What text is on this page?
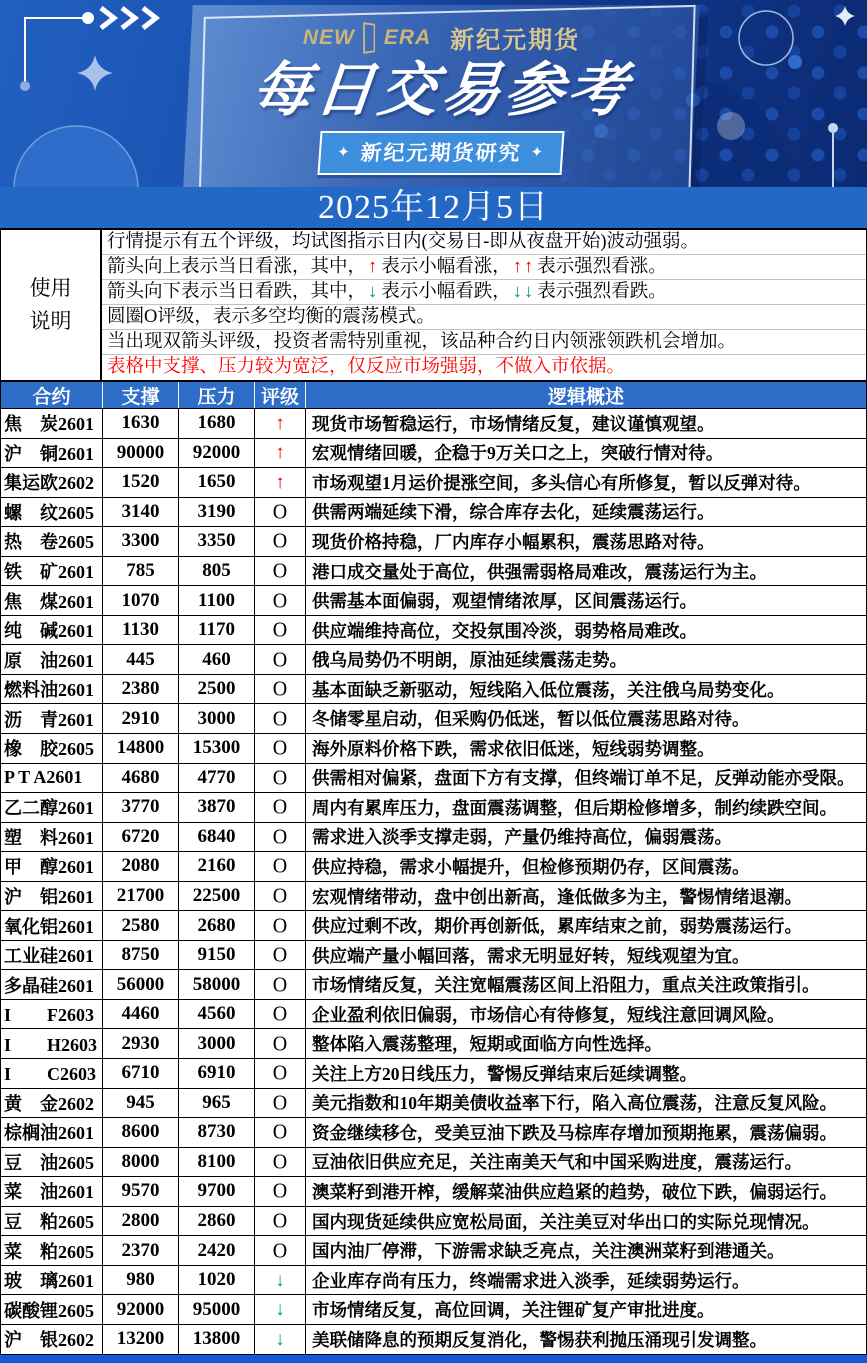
NEW ERA 新纪元期货
每日交易参考
✦ 新纪元期货研究 ✦
2025年12月5日
使用
说明
行情提示有五个评级，均试图指示日内(交易日-即从夜盘开始)波动强弱。
箭头向上表示当日看涨，其中， ↑ 表示小幅看涨， ↑↑ 表示强烈看涨。
箭头向下表示当日看跌，其中， ↓ 表示小幅看跌， ↓↓ 表示强烈看跌。
圆圈O评级，表示多空均衡的震荡模式。
当出现双箭头评级，投资者需特别重视，该品种合约日内领涨领跌机会增加。
表格中支撑、压力较为宽泛，仅反应市场强弱，不做入市依据。
合约	支撑	压力	评级	逻辑概述
焦　炭2601	1630	1680	↑	现货市场暂稳运行，市场情绪反复，建议谨慎观望。
沪　铜2601	90000	92000	↑	宏观情绪回暖，企稳于9万关口之上，突破行情对待。
集运欧2602	1520	1650	↑	市场观望1月运价提涨空间，多头信心有所修复，暂以反弹对待。
螺　纹2605	3140	3190	O	供需两端延续下滑，综合库存去化，延续震荡运行。
热　卷2605	3300	3350	O	现货价格持稳，厂内库存小幅累积，震荡思路对待。
铁　矿2601	785	805	O	港口成交量处于高位，供强需弱格局难改，震荡运行为主。
焦　煤2601	1070	1100	O	供需基本面偏弱，观望情绪浓厚，区间震荡运行。
纯　碱2601	1130	1170	O	供应端维持高位，交投氛围冷淡，弱势格局难改。
原　油2601	445	460	O	俄乌局势仍不明朗，原油延续震荡走势。
燃料油2601	2380	2500	O	基本面缺乏新驱动，短线陷入低位震荡，关注俄乌局势变化。
沥　青2601	2910	3000	O	冬储零星启动，但采购仍低迷，暂以低位震荡思路对待。
橡　胶2605	14800	15300	O	海外原料价格下跌，需求依旧低迷，短线弱势调整。
P T A2601	4680	4770	O	供需相对偏紧，盘面下方有支撑，但终端订单不足，反弹动能亦受限。
乙二醇2601	3770	3870	O	周内有累库压力，盘面震荡调整，但后期检修增多，制约续跌空间。
塑　料2601	6720	6840	O	需求进入淡季支撑走弱，产量仍维持高位，偏弱震荡。
甲　醇2601	2080	2160	O	供应持稳，需求小幅提升，但检修预期仍存，区间震荡。
沪　铝2601	21700	22500	O	宏观情绪带动，盘中创出新高，逢低做多为主，警惕情绪退潮。
氧化铝2601	2580	2680	O	供应过剩不改，期价再创新低，累库结束之前，弱势震荡运行。
工业硅2601	8750	9150	O	供应端产量小幅回落，需求无明显好转，短线观望为宜。
多晶硅2601	56000	58000	O	市场情绪反复，关注宽幅震荡区间上沿阻力，重点关注政策指引。
I　　F2603	4460	4560	O	企业盈利依旧偏弱，市场信心有待修复，短线注意回调风险。
I　　H2603	2930	3000	O	整体陷入震荡整理，短期或面临方向性选择。
I　　C2603	6710	6910	O	关注上方20日线压力，警惕反弹结束后延续调整。
黄　金2602	945	965	O	美元指数和10年期美债收益率下行，陷入高位震荡，注意反复风险。
棕榈油2601	8600	8730	O	资金继续移仓，受美豆油下跌及马棕库存增加预期拖累，震荡偏弱。
豆　油2605	8000	8100	O	豆油依旧供应充足，关注南美天气和中国采购进度，震荡运行。
菜　油2601	9570	9700	O	澳菜籽到港开榨，缓解菜油供应趋紧的趋势，破位下跌，偏弱运行。
豆　粕2605	2800	2860	O	国内现货延续供应宽松局面，关注美豆对华出口的实际兑现情况。
菜　粕2605	2370	2420	O	国内油厂停滞，下游需求缺乏亮点，关注澳洲菜籽到港通关。
玻　璃2601	980	1020	↓	企业库存尚有压力，终端需求进入淡季，延续弱势运行。
碳酸锂2605	92000	95000	↓	市场情绪反复，高位回调，关注锂矿复产审批进度。
沪　银2602	13200	13800	↓	美联储降息的预期反复消化，警惕获利抛压涌现引发调整。
